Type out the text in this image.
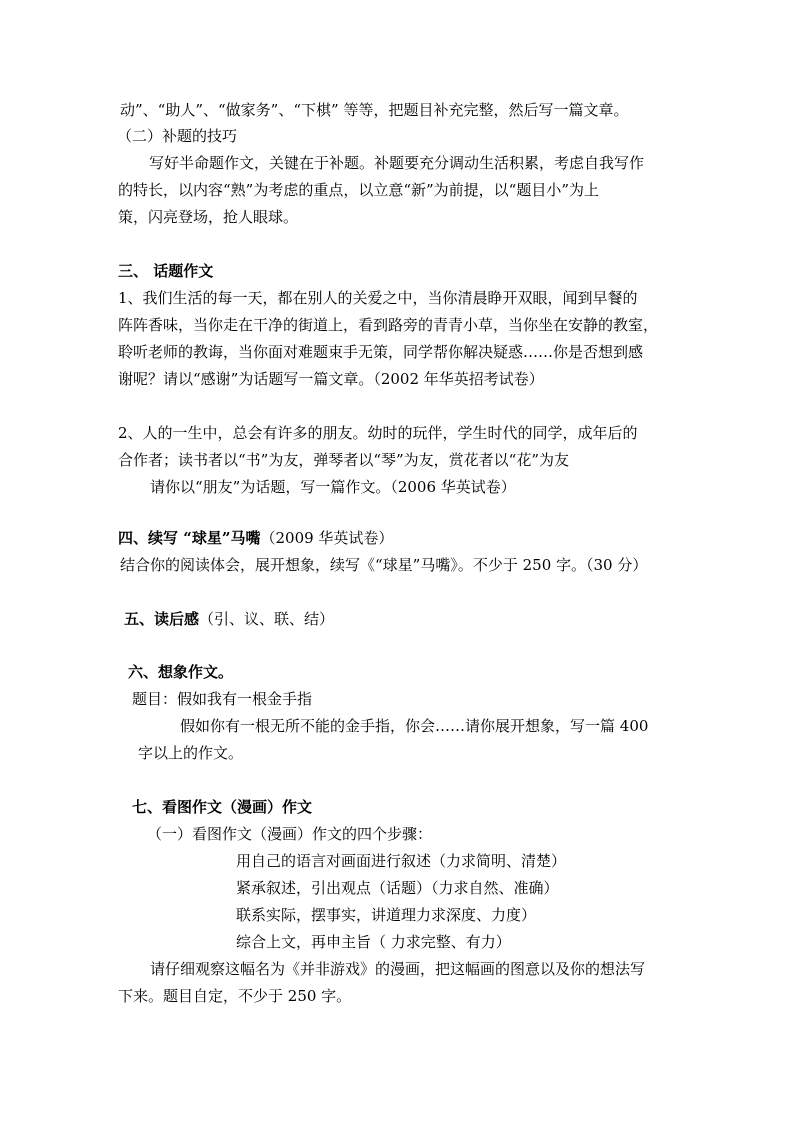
动”、“助人”、“做家务”、“下棋” 等等，把题目补充完整，然后写一篇文章。
（二）补题的技巧
写好半命题作文，关键在于补题。补题要充分调动生活积累，考虑自我写作
的特长，以内容“熟”为考虑的重点，以立意“新”为前提，以“题目小”为上
策，闪亮登场，抢人眼球。
三、 话题作文
1、我们生活的每一天，都在别人的关爱之中，当你清晨睁开双眼，闻到早餐的
阵阵香味，当你走在干净的街道上，看到路旁的青青小草，当你坐在安静的教室，
聆听老师的教诲，当你面对难题束手无策，同学帮你解决疑惑……你是否想到感
谢呢？请以“感谢”为话题写一篇文章。（2002 年华英招考试卷）
2、人的一生中，总会有许多的朋友。幼时的玩伴，学生时代的同学，成年后的
合作者；读书者以“书”为友，弹琴者以“琴”为友，赏花者以“花”为友
请你以“朋友”为话题，写一篇作文。（2006 华英试卷）
四、续写 “球星”马嘴（2009 华英试卷）
结合你的阅读体会，展开想象，续写《“球星”马嘴》。不少于 250 字。（30 分）
五、读后感（引、议、联、结）
六、想象作文。
题目：假如我有一根金手指
假如你有一根无所不能的金手指，你会……请你展开想象，写一篇 400
字以上的作文。
七、看图作文（漫画）作文
（一）看图作文（漫画）作文的四个步骤：
用自己的语言对画面进行叙述（力求简明、清楚）
紧承叙述，引出观点（话题）（力求自然、准确）
联系实际，摆事实，讲道理力求深度、力度）
综合上文，再申主旨（ 力求完整、有力）
请仔细观察这幅名为《并非游戏》的漫画，把这幅画的图意以及你的想法写
下来。题目自定，不少于 250 字。
